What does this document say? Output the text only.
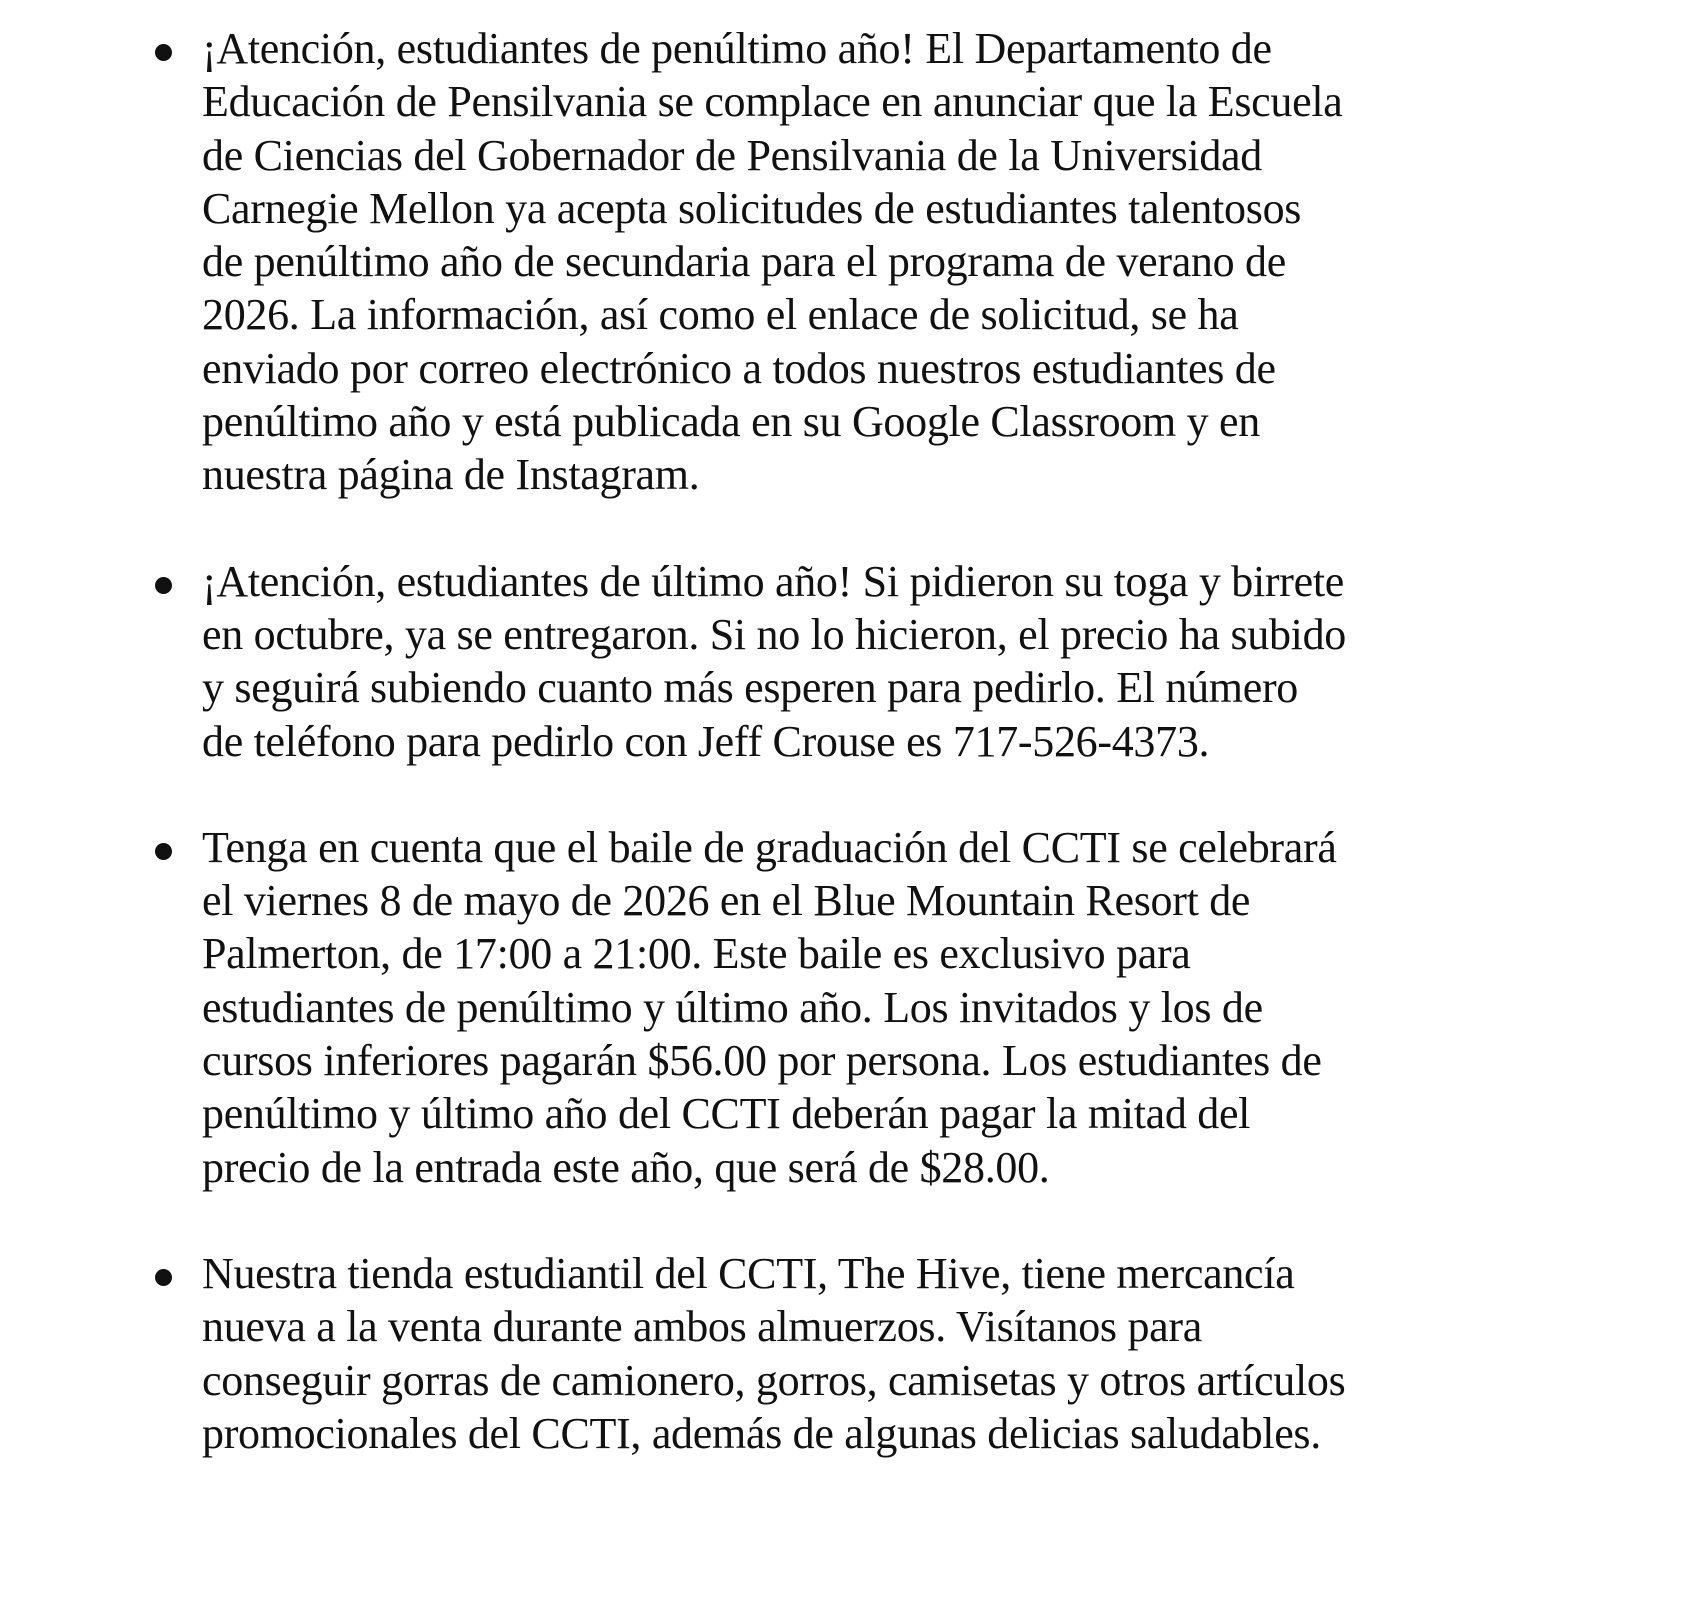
¡Atención, estudiantes de penúltimo año! El Departamento de
Educación de Pensilvania se complace en anunciar que la Escuela
de Ciencias del Gobernador de Pensilvania de la Universidad
Carnegie Mellon ya acepta solicitudes de estudiantes talentosos
de penúltimo año de secundaria para el programa de verano de
2026. La información, así como el enlace de solicitud, se ha
enviado por correo electrónico a todos nuestros estudiantes de
penúltimo año y está publicada en su Google Classroom y en
nuestra página de Instagram.
¡Atención, estudiantes de último año! Si pidieron su toga y birrete
en octubre, ya se entregaron. Si no lo hicieron, el precio ha subido
y seguirá subiendo cuanto más esperen para pedirlo. El número
de teléfono para pedirlo con Jeff Crouse es 717-526-4373.
Tenga en cuenta que el baile de graduación del CCTI se celebrará
el viernes 8 de mayo de 2026 en el Blue Mountain Resort de
Palmerton, de 17:00 a 21:00. Este baile es exclusivo para
estudiantes de penúltimo y último año. Los invitados y los de
cursos inferiores pagarán $56.00 por persona. Los estudiantes de
penúltimo y último año del CCTI deberán pagar la mitad del
precio de la entrada este año, que será de $28.00.
Nuestra tienda estudiantil del CCTI, The Hive, tiene mercancía
nueva a la venta durante ambos almuerzos. Visítanos para
conseguir gorras de camionero, gorros, camisetas y otros artículos
promocionales del CCTI, además de algunas delicias saludables.
